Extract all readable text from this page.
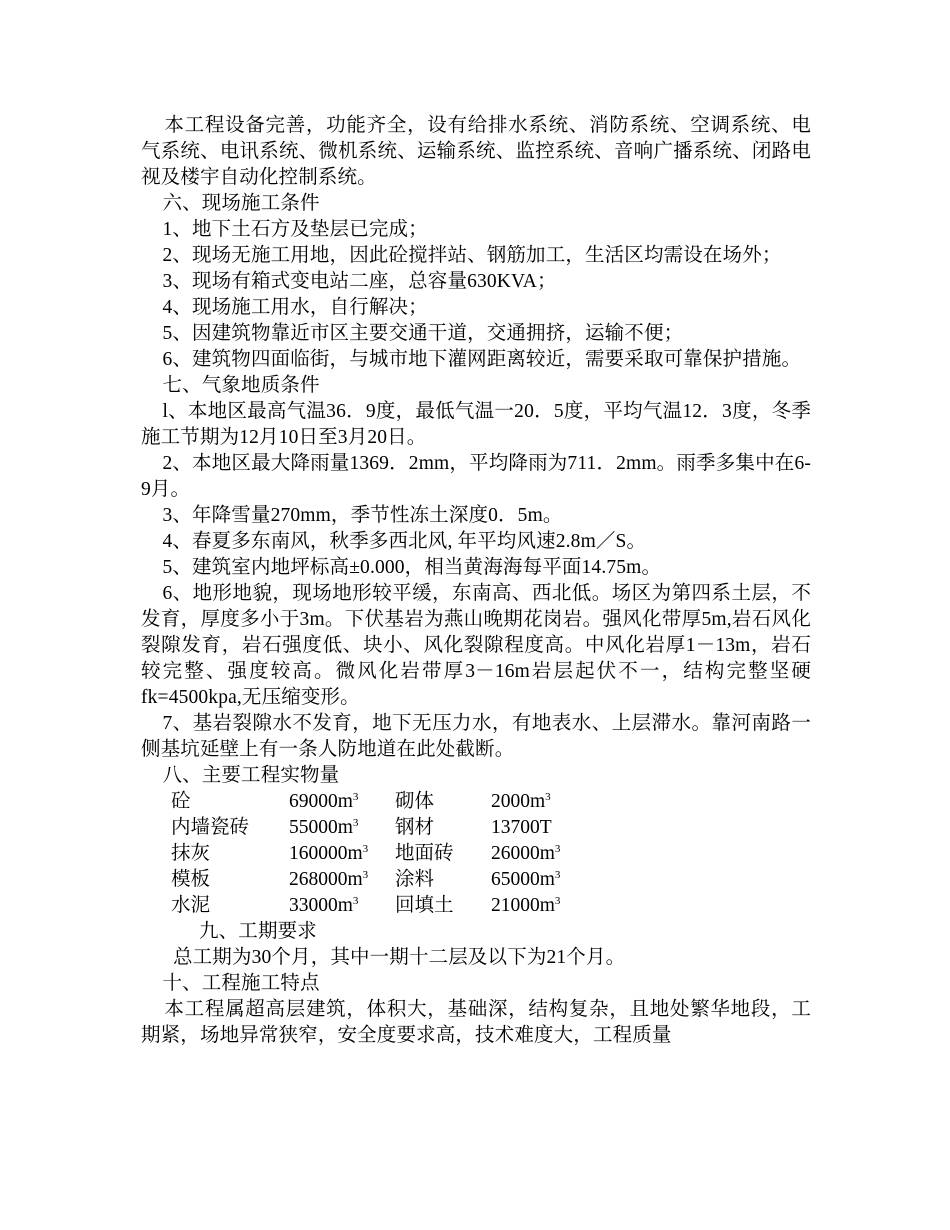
本工程设备完善，功能齐全，设有给排水系统、消防系统、空调系统、电气系统、电讯系统、微机系统、运输系统、监控系统、音响广播系统、闭路电视及楼宇自动化控制系统。

六、现场施工条件

1、地下土石方及垫层已完成；

2、现场无施工用地，因此砼搅拌站、钢筋加工，生活区均需设在场外；

3、现场有箱式变电站二座，总容量630KVA；

4、现场施工用水，自行解决；

5、因建筑物靠近市区主要交通干道，交通拥挤，运输不便；

6、建筑物四面临街，与城市地下灌网距离较近，需要采取可靠保护措施。

七、气象地质条件

l、本地区最高气温36．9度，最低气温一20．5度，平均气温12．3度，冬季施工节期为12月10日至3月20日。

2、本地区最大降雨量1369．2mm，平均降雨为711．2mm。雨季多集中在6-9月。

3、年降雪量270mm，季节性冻土深度0．5m。

4、春夏多东南风，秋季多西北风, 年平均风速2.8m／S。

5、建筑室内地坪标高±0.000，相当黄海海每平面14.75m。

6、地形地貌，现场地形较平缓，东南高、西北低。场区为第四系土层，不发育，厚度多小于3m。下伏基岩为燕山晚期花岗岩。强风化带厚5m,岩石风化裂隙发育，岩石强度低、块小、风化裂隙程度高。中风化岩厚1－13m，岩石较完整、强度较高。微风化岩带厚3－16m岩层起伏不一，结构完整坚硬fk=4500kpa,无压缩变形。

7、基岩裂隙水不发育，地下无压力水，有地表水、上层滞水。靠河南路一侧基坑延壁上有一条人防地道在此处截断。

八、主要工程实物量

砼	$69000m^3$	砌体	$2000m^3$
内墙瓷砖	$55000m^3$	钢材	13700T
抹灰	$160000m^3$	地面砖	$26000m^3$
模板	$268000m^3$	涂料	$65000m^3$
水泥	$33000m^3$	回填土	$21000m^3$

九、工期要求

总工期为30个月，其中一期十二层及以下为21个月。

十、工程施工特点

本工程属超高层建筑，体积大，基础深，结构复杂，且地处繁华地段，工期紧，场地异常狭窄，安全度要求高，技术难度大，工程质量
